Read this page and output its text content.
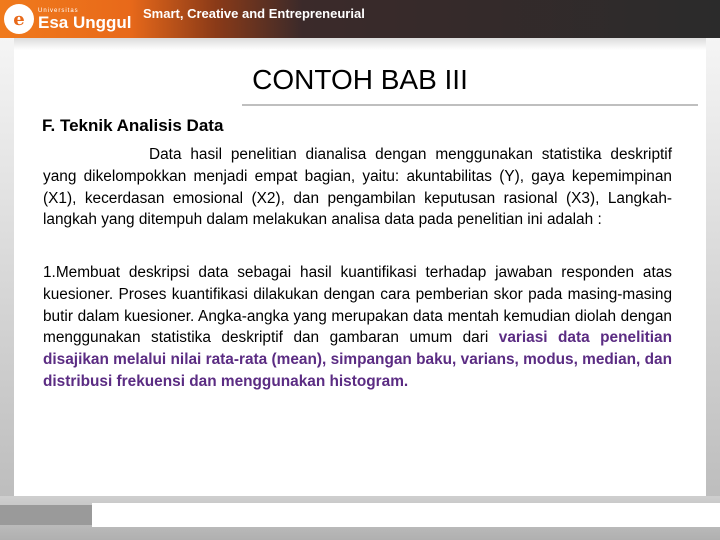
e	Universitas
Esa Unggul Smart, Creative and Entrepreneurial
CONTOH BAB III
F. Teknik Analisis Data

Data hasil penelitian dianalisa dengan menggunakan statistika deskriptif yang dikelompokkan menjadi empat bagian, yaitu: akuntabilitas (Y), gaya kepemimpinan (X1), kecerdasan emosional (X2), dan pengambilan keputusan rasional (X3), Langkah-langkah yang ditempuh dalam melakukan analisa data pada penelitian ini adalah :

1.Membuat deskripsi data sebagai hasil kuantifikasi terhadap jawaban responden atas kuesioner. Proses kuantifikasi dilakukan dengan cara pemberian skor pada masing-masing butir dalam kuesioner. Angka-angka yang merupakan data mentah kemudian diolah dengan menggunakan statistika deskriptif dan gambaran umum dari variasi data penelitian disajikan melalui nilai rata-rata (mean), simpangan baku, varians, modus, median, dan distribusi frekuensi dan menggunakan histogram.
